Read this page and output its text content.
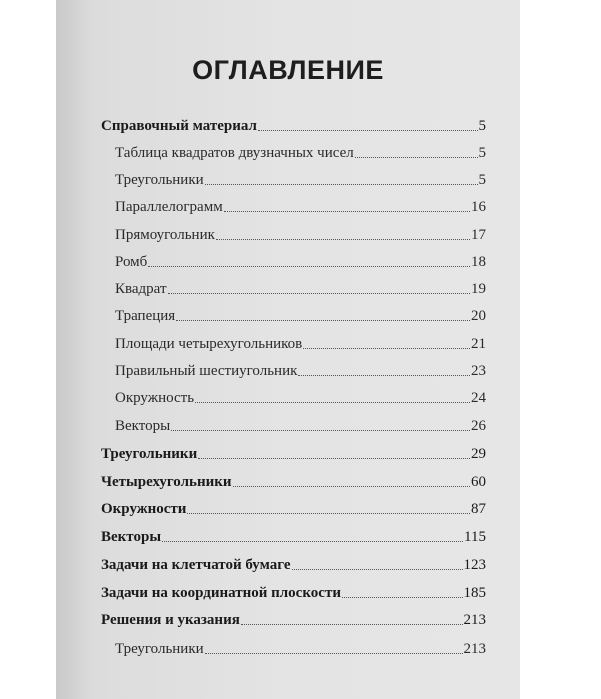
ОГЛАВЛЕНИЕ
Справочный материал	5
Таблица квадратов двузначных чисел	5
Треугольники	5
Параллелограмм	16
Прямоугольник	17
Ромб	18
Квадрат	19
Трапеция	20
Площади четырехугольников	21
Правильный шестиугольник	23
Окружность	24
Векторы	26
Треугольники	29
Четырехугольники	60
Окружности	87
Векторы	115
Задачи на клетчатой бумаге	123
Задачи на координатной плоскости	185
Решения и указания	213
Треугольники	213
